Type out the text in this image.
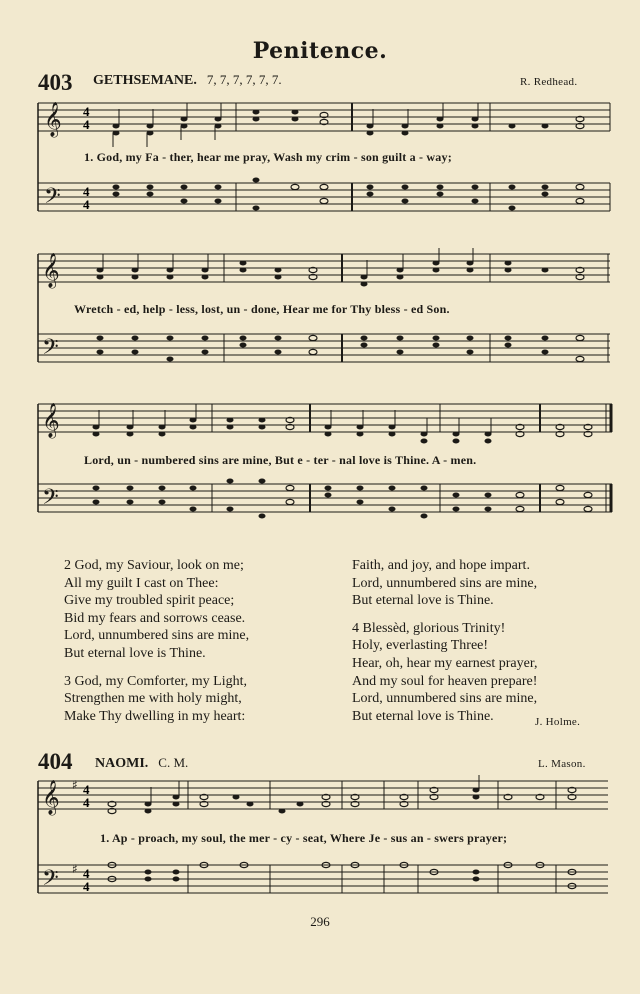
Penitence.
403 GETHSEMANE. 7, 7, 7, 7, 7, 7.	R. Redhead.
𝄞
𝄢
4
4
4
4
1. God, my Fa - ther, hear me pray, Wash my crim - son guilt a - way;
𝄞
𝄢
Wretch - ed, help - less, lost, un - done, Hear me for Thy bless - ed Son.
𝄞
𝄢
Lord, un - numbered sins are mine, But e - ter - nal love is Thine. A - men.
2 God, my Saviour, look on me;
All my guilt I cast on Thee:
Give my troubled spirit peace;
Bid my fears and sorrows cease.
Lord, unnumbered sins are mine,
But eternal love is Thine.
3 God, my Comforter, my Light,
Strengthen me with holy might,
Make Thy dwelling in my heart:
Faith, and joy, and hope impart.
Lord, unnumbered sins are mine,
But eternal love is Thine.
4 Blessèd, glorious Trinity!
Holy, everlasting Three!
Hear, oh, hear my earnest prayer,
And my soul for heaven prepare!
Lord, unnumbered sins are mine,
But eternal love is Thine.	J. Holme.
404 NAOMI. C. M.	L. Mason.
𝄞
𝄢
♯
♯
4
4
4
4
1. Ap - proach, my soul, the mer - cy - seat, Where Je - sus an - swers prayer;
296
